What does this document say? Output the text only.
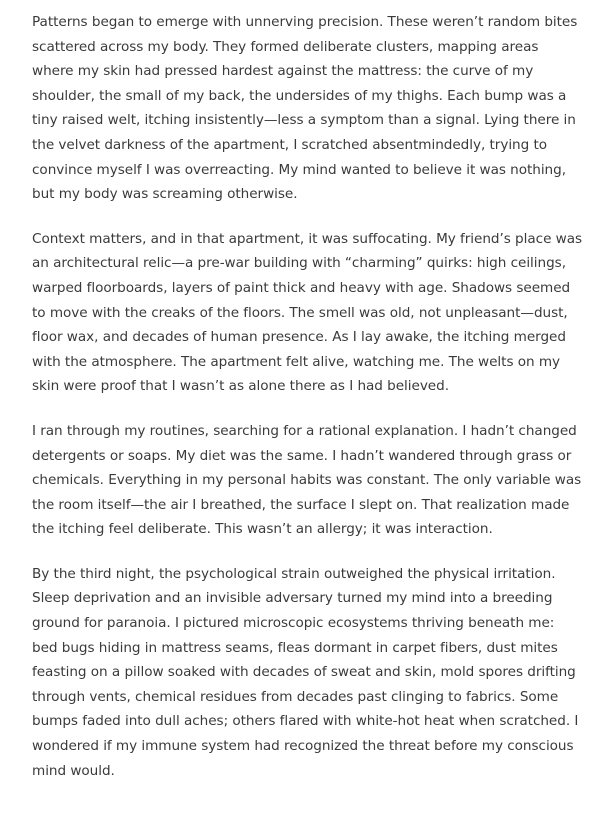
Patterns began to emerge with unnerving precision. These weren’t random bites
scattered across my body. They formed deliberate clusters, mapping areas
where my skin had pressed hardest against the mattress: the curve of my
shoulder, the small of my back, the undersides of my thighs. Each bump was a
tiny raised welt, itching insistently—less a symptom than a signal. Lying there in
the velvet darkness of the apartment, I scratched absentmindedly, trying to
convince myself I was overreacting. My mind wanted to believe it was nothing,
but my body was screaming otherwise.

Context matters, and in that apartment, it was suffocating. My friend’s place was
an architectural relic—a pre-war building with “charming” quirks: high ceilings,
warped floorboards, layers of paint thick and heavy with age. Shadows seemed
to move with the creaks of the floors. The smell was old, not unpleasant—dust,
floor wax, and decades of human presence. As I lay awake, the itching merged
with the atmosphere. The apartment felt alive, watching me. The welts on my
skin were proof that I wasn’t as alone there as I had believed.

I ran through my routines, searching for a rational explanation. I hadn’t changed
detergents or soaps. My diet was the same. I hadn’t wandered through grass or
chemicals. Everything in my personal habits was constant. The only variable was
the room itself—the air I breathed, the surface I slept on. That realization made
the itching feel deliberate. This wasn’t an allergy; it was interaction.

By the third night, the psychological strain outweighed the physical irritation.
Sleep deprivation and an invisible adversary turned my mind into a breeding
ground for paranoia. I pictured microscopic ecosystems thriving beneath me:
bed bugs hiding in mattress seams, fleas dormant in carpet fibers, dust mites
feasting on a pillow soaked with decades of sweat and skin, mold spores drifting
through vents, chemical residues from decades past clinging to fabrics. Some
bumps faded into dull aches; others flared with white-hot heat when scratched. I
wondered if my immune system had recognized the threat before my conscious
mind would.
